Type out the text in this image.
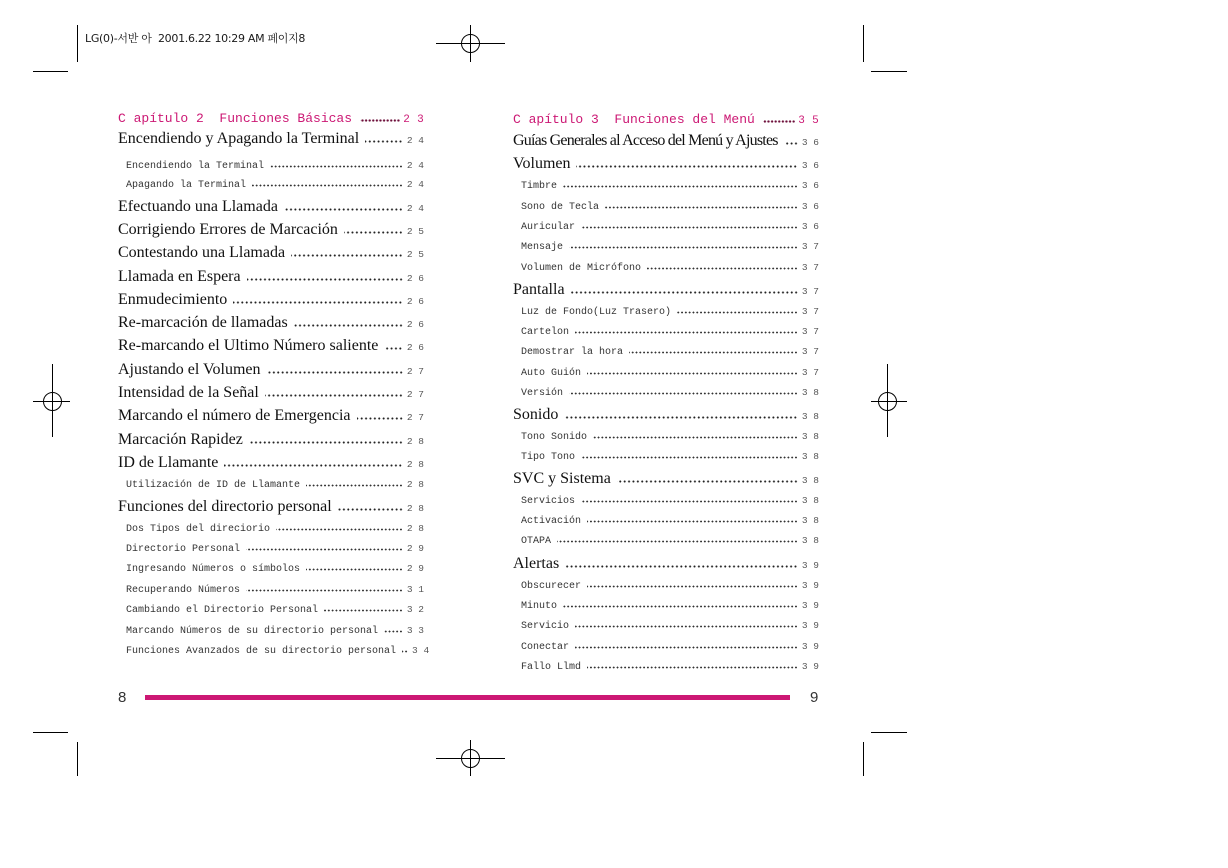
LG(0)-서반 아  2001.6.22 10:29 AM 페이지8
C apítulo 2  Funciones Básicas	2 3
Encendiendo y Apagando la Terminal	2 4
Encendiendo la Terminal	2 4
Apagando la Terminal	2 4
Efectuando una Llamada	2 4
Corrigiendo Errores de Marcación	2 5
Contestando una Llamada	2 5
Llamada en Espera	2 6
Enmudecimiento	2 6
Re-marcación de llamadas	2 6
Re-marcando el Ultimo Número saliente	2 6
Ajustando el Volumen	2 7
Intensidad de la Señal	2 7
Marcando el número de Emergencia	2 7
Marcación Rapidez	2 8
ID de Llamante	2 8
Utilización de ID de Llamante	2 8
Funciones del directorio personal	2 8
Dos Tipos del direciorio	2 8
Directorio Personal	2 9
Ingresando Números o símbolos	2 9
Recuperando Números	3 1
Cambiando el Directorio Personal	3 2
Marcando Números de su directorio personal	3 3
Funciones Avanzados de su directorio personal 3 4
C apítulo 3  Funciones del Menú	3 5
Guías Generales al Acceso del Menú y Ajustes	3 6
Volumen	3 6
Timbre	3 6
Sono de Tecla	3 6
Auricular	3 6
Mensaje	3 7
Volumen de Micrófono	3 7
Pantalla	3 7
Luz de Fondo(Luz Trasero)	3 7
Cartelon	3 7
Demostrar la hora	3 7
Auto Guión	3 7
Versión	3 8
Sonido	3 8
Tono Sonido	3 8
Tipo Tono	3 8
SVC y Sistema	3 8
Servicios	3 8
Activación	3 8
OTAPA	3 8
Alertas	3 9
Obscurecer	3 9
Minuto	3 9
Servicio	3 9
Conectar	3 9
Fallo Llmd	3 9
8	9
